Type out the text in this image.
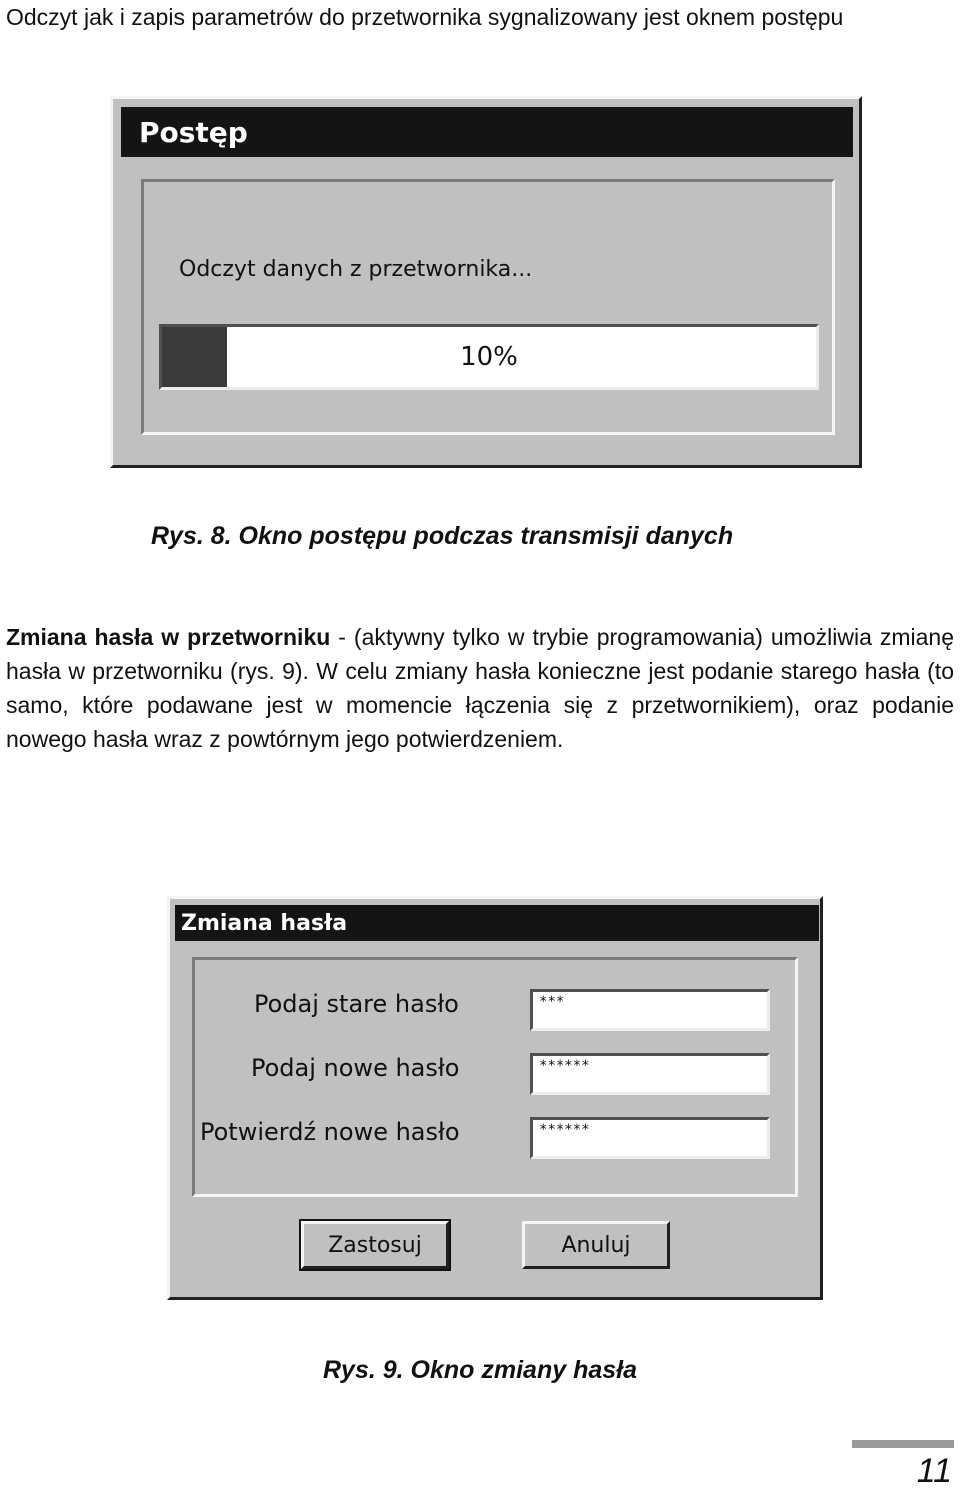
Odczyt jak i zapis parametrów do przetwornika sygnalizowany jest oknem postępu

Postęp
Odczyt danych z przetwornika...
10%
Rys. 8. Okno postępu podczas transmisji danych

Zmiana hasła w przetworniku - (aktywny tylko w trybie programowania) umożliwia zmianę hasła w przetworniku (rys. 9). W celu zmiany hasła konieczne jest podanie starego hasła (to samo, które podawane jest w momencie łączenia się z przetwornikiem), oraz podanie nowego hasła wraz z powtórnym jego potwierdzeniem.

Zmiana hasła
Podaj stare hasło	***
Podaj nowe hasło	******
Potwierdź nowe hasło	******
Zastosuj	Anuluj
Rys. 9. Okno zmiany hasła
11
